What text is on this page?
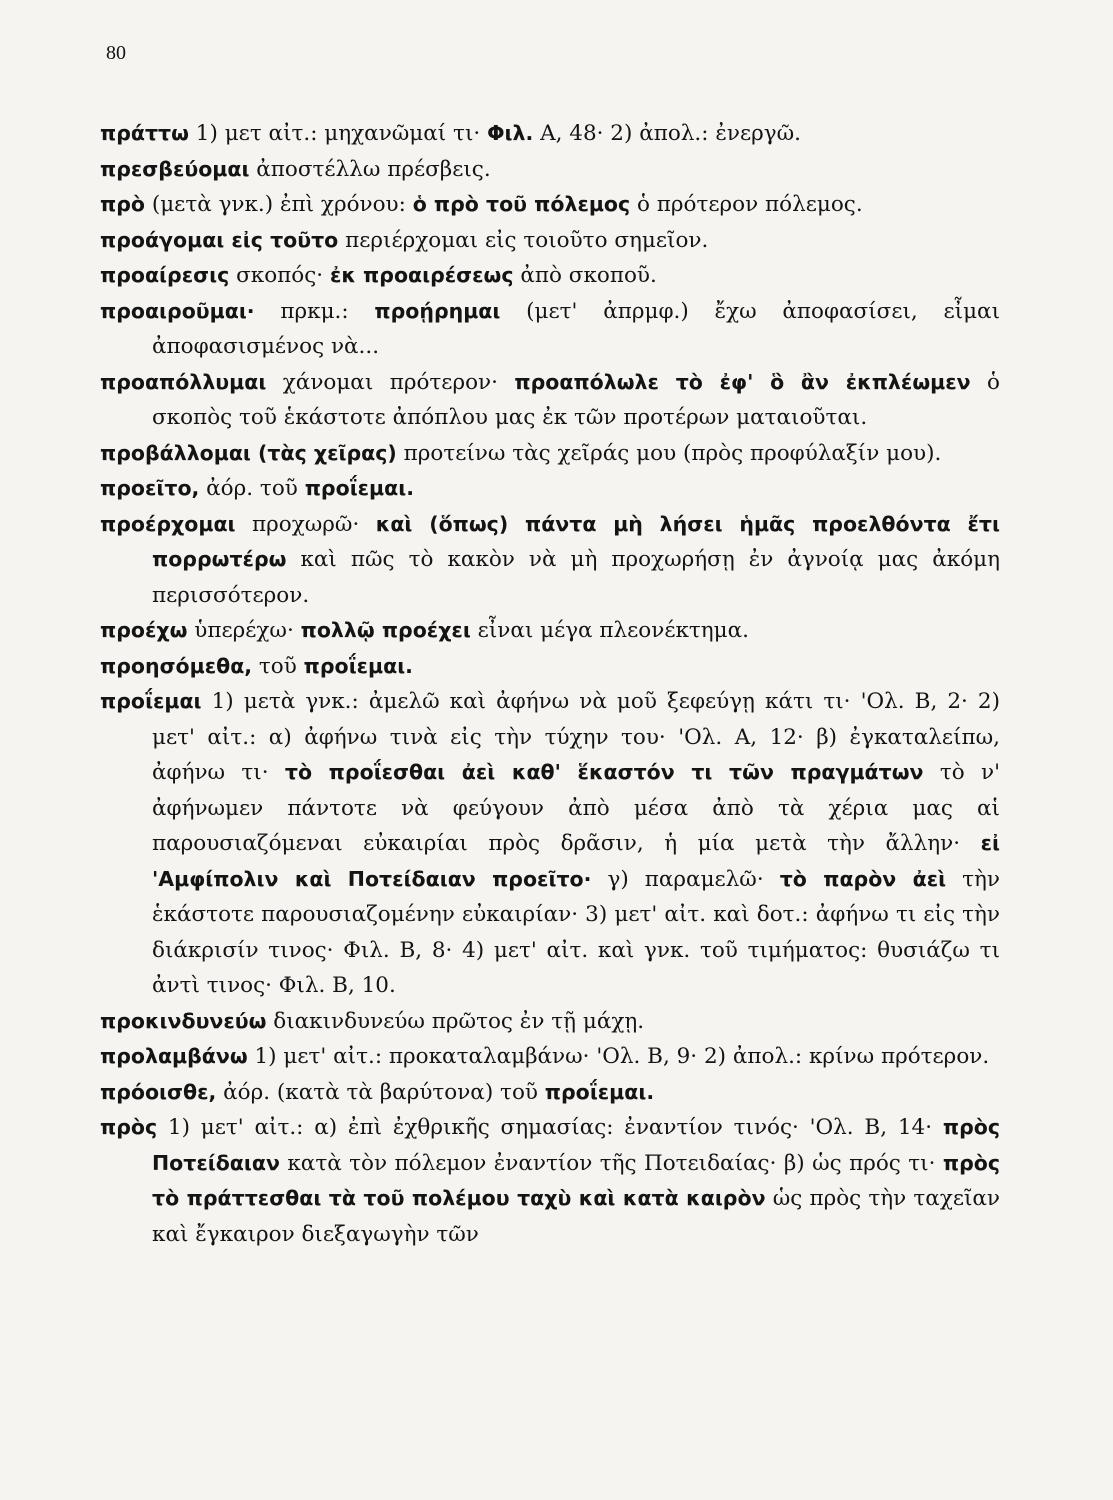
80
πράττω 1) μετ αἰτ.: μηχανῶμαί τι· Φιλ. Α, 48· 2) ἀπολ.: ἐνεργῶ.
πρεσβεύομαι ἀποστέλλω πρέσβεις.
πρὸ (μετὰ γνκ.) ἐπὶ χρόνου: ὁ πρὸ τοῦ πόλεμος ὁ πρότερον πόλεμος.
προάγομαι εἰς τοῦτο περιέρχομαι εἰς τοιοῦτο σημεῖον.
προαίρεσις σκοπός· ἐκ προαιρέσεως ἀπὸ σκοποῦ.
προαιροῦμαι· πρκμ.: προῄρημαι (μετ' ἀπρμφ.) ἔχω ἀποφασίσει, εἶμαι ἀποφασισμένος νὰ...
προαπόλλυμαι χάνομαι πρότερον· προαπόλωλε τὸ ἐφ' ὃ ἂν ἐκπλέωμεν ὁ σκοπὸς τοῦ ἑκάστοτε ἀπόπλου μας ἐκ τῶν προτέρων ματαιοῦται.
προβάλλομαι (τὰς χεῖρας) προτείνω τὰς χεῖράς μου (πρὸς προφύλαξίν μου).
προεῖτο, ἀόρ. τοῦ προΐεμαι.
προέρχομαι προχωρῶ· καὶ (ὅπως) πάντα μὴ λήσει ἡμᾶς προελθόντα ἔτι πορρωτέρω καὶ πῶς τὸ κακὸν νὰ μὴ προχωρήσῃ ἐν ἀγνοίᾳ μας ἀκόμη περισσότερον.
προέχω ὑπερέχω· πολλῷ προέχει εἶναι μέγα πλεονέκτημα.
προησόμεθα, τοῦ προΐεμαι.
προΐεμαι 1) μετὰ γνκ.: ἀμελῶ καὶ ἀφήνω νὰ μοῦ ξεφεύγῃ κάτι τι· 'Ολ. Β, 2· 2) μετ' αἰτ.: α) ἀφήνω τινὰ εἰς τὴν τύχην του· 'Ολ. Α, 12· β) ἐγκαταλείπω, ἀφήνω τι· τὸ προΐεσθαι ἀεὶ καθ' ἕκαστόν τι τῶν πραγμάτων τὸ ν' ἀφήνωμεν πάντοτε νὰ φεύγουν ἀπὸ μέσα ἀπὸ τὰ χέρια μας αἱ παρουσιαζόμεναι εὐκαιρίαι πρὸς δρᾶσιν, ἡ μία μετὰ τὴν ἄλλην· εἰ 'Αμφίπολιν καὶ Ποτείδαιαν προεῖτο· γ) παραμελῶ· τὸ παρὸν ἀεὶ τὴν ἑκάστοτε παρουσιαζομένην εὐκαιρίαν· 3) μετ' αἰτ. καὶ δοτ.: ἀφήνω τι εἰς τὴν διάκρισίν τινος· Φιλ. Β, 8· 4) μετ' αἰτ. καὶ γνκ. τοῦ τιμήματος: θυσιάζω τι ἀντὶ τινος· Φιλ. Β, 10.
προκινδυνεύω διακινδυνεύω πρῶτος ἐν τῇ μάχῃ.
προλαμβάνω 1) μετ' αἰτ.: προκαταλαμβάνω· 'Ολ. Β, 9· 2) ἀπολ.: κρίνω πρότερον.
πρόοισθε, ἀόρ. (κατὰ τὰ βαρύτονα) τοῦ προΐεμαι.
πρὸς 1) μετ' αἰτ.: α) ἐπὶ ἐχθρικῆς σημασίας: ἐναντίον τινός· 'Ολ. Β, 14· πρὸς Ποτείδαιαν κατὰ τὸν πόλεμον ἐναντίον τῆς Ποτειδαίας· β) ὡς πρός τι· πρὸς τὸ πράττεσθαι τὰ τοῦ πολέμου ταχὺ καὶ κατὰ καιρὸν ὡς πρὸς τὴν ταχεῖαν καὶ ἔγκαιρον διεξαγωγὴν τῶν
